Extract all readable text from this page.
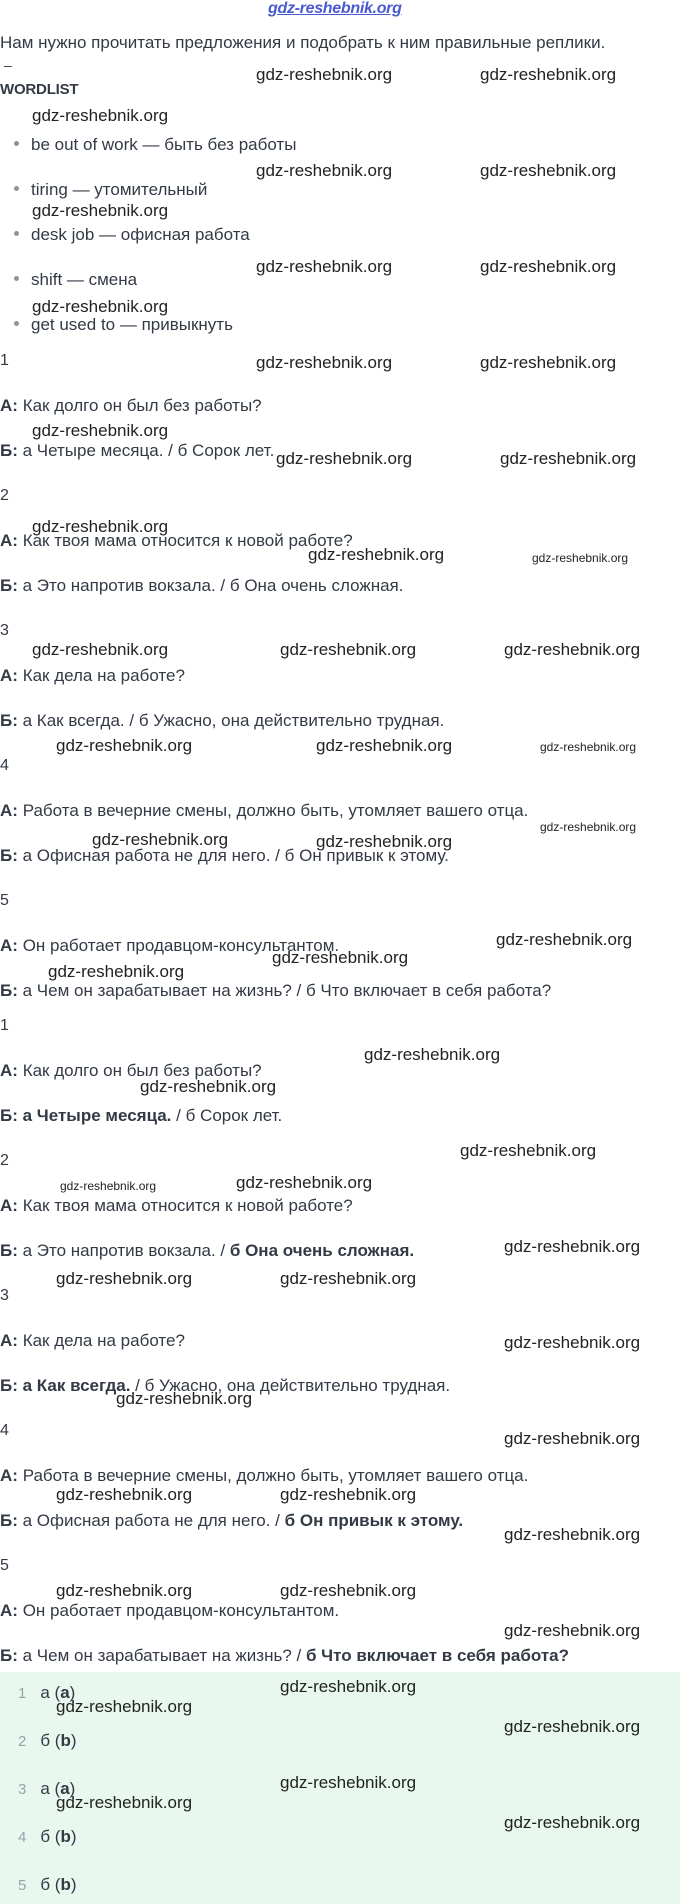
gdz-reshebnik.org
Нам нужно прочитать предложения и подобрать к ним правильные реплики.
‒
WORDLIST
be out of work — быть без работы
tiring — утомительный
desk job — офисная работа
shift — смена
get used to — привыкнуть
1
А: Как долго он был без работы?
Б: а Четыре месяца. / б Сорок лет.
2
А: Как твоя мама относится к новой работе?
Б: а Это напротив вокзала. / б Она очень сложная.
3
А: Как дела на работе?
Б: а Как всегда. / б Ужасно, она действительно трудная.
4
А: Работа в вечерние смены, должно быть, утомляет вашего отца.
Б: а Офисная работа не для него. / б Он привык к этому.
5
А: Он работает продавцом-консультантом.
Б: а Чем он зарабатывает на жизнь? / б Что включает в себя работа?
1
А: Как долго он был без работы?
Б: а Четыре месяца. / б Сорок лет.
2
А: Как твоя мама относится к новой работе?
Б: а Это напротив вокзала. / б Она очень сложная.
3
А: Как дела на работе?
Б: а Как всегда. / б Ужасно, она действительно трудная.
4
А: Работа в вечерние смены, должно быть, утомляет вашего отца.
Б: а Офисная работа не для него. / б Он привык к этому.
5
А: Он работает продавцом-консультантом.
Б: а Чем он зарабатывает на жизнь? / б Что включает в себя работа?
1 а (a)
2 б (b)
3 а (a)
4 б (b)
5 б (b)
gdz-reshebnik.org	gdz-reshebnik.org
gdz-reshebnik.org
gdz-reshebnik.org	gdz-reshebnik.org
gdz-reshebnik.org
gdz-reshebnik.org	gdz-reshebnik.org
gdz-reshebnik.org
gdz-reshebnik.org	gdz-reshebnik.org
gdz-reshebnik.org
gdz-reshebnik.org	gdz-reshebnik.org
gdz-reshebnik.org
gdz-reshebnik.org	gdz-reshebnik.org
gdz-reshebnik.org	gdz-reshebnik.org	gdz-reshebnik.org
gdz-reshebnik.org	gdz-reshebnik.org	gdz-reshebnik.org
gdz-reshebnik.org
gdz-reshebnik.org	gdz-reshebnik.org
gdz-reshebnik.org
gdz-reshebnik.org
gdz-reshebnik.org
gdz-reshebnik.org
gdz-reshebnik.org
gdz-reshebnik.org
gdz-reshebnik.org	gdz-reshebnik.org
gdz-reshebnik.org
gdz-reshebnik.org	gdz-reshebnik.org
gdz-reshebnik.org
gdz-reshebnik.org
gdz-reshebnik.org
gdz-reshebnik.org	gdz-reshebnik.org
gdz-reshebnik.org
gdz-reshebnik.org	gdz-reshebnik.org
gdz-reshebnik.org
gdz-reshebnik.org
gdz-reshebnik.org
gdz-reshebnik.org
gdz-reshebnik.org
gdz-reshebnik.org
gdz-reshebnik.org
